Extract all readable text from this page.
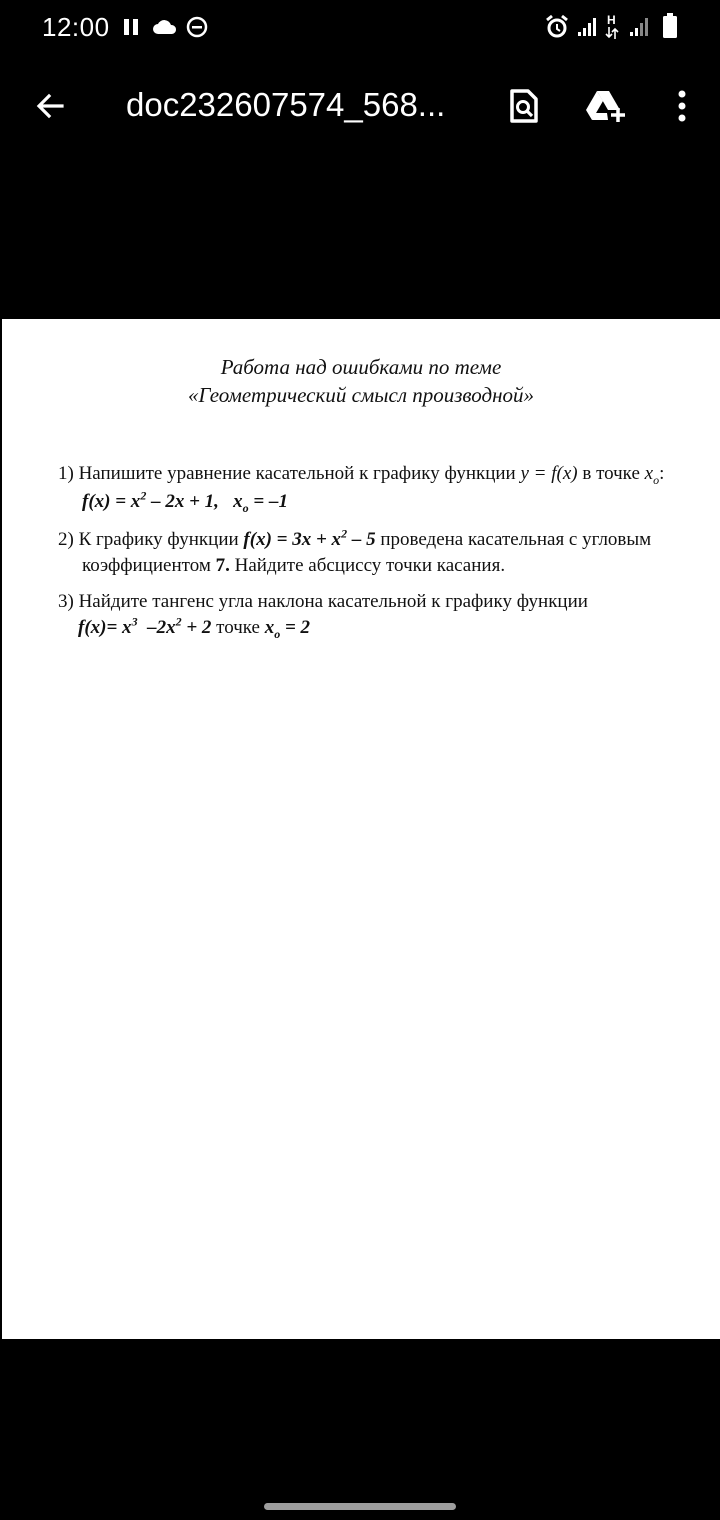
12:00	H
doc232607574_568...
Работа над ошибками по теме
«Геометрический смысл производной»
1) Напишите уравнение касательной к графику функции y = f(x) в точке $x_o$:
$f(x) = x^2 - 2x + 1$, $x_o = -1$
2) К графику функции $f(x) = 3x + x^2 - 5$ проведена касательная с угловым
коэффициентом 7. Найдите абсциссу точки касания.
3) Найдите тангенс угла наклона касательной к графику функции
$f(x)= x^3$  $-2x^2 + 2$ точке $x_o = 2$
